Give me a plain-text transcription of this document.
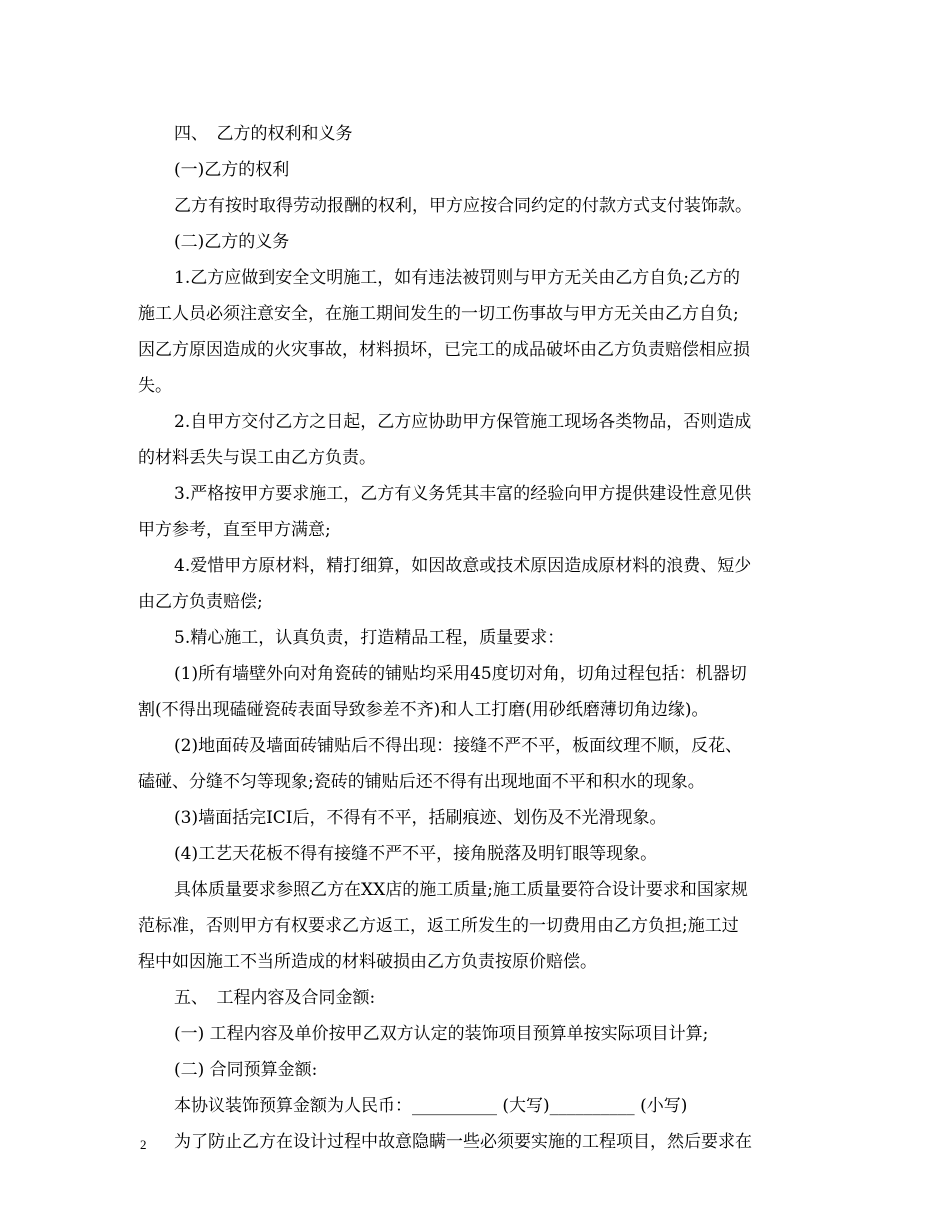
四、　乙方的权利和义务
(一)乙方的权利
乙方有按时取得劳动报酬的权利，甲方应按合同约定的付款方式支付装饰款。
(二)乙方的义务
1.乙方应做到安全文明施工，如有违法被罚则与甲方无关由乙方自负;乙方的
施工人员必须注意安全，在施工期间发生的一切工伤事故与甲方无关由乙方自负;
因乙方原因造成的火灾事故，材料损坏，已完工的成品破坏由乙方负责赔偿相应损
失。
2.自甲方交付乙方之日起，乙方应协助甲方保管施工现场各类物品，否则造成
的材料丢失与误工由乙方负责。
3.严格按甲方要求施工，乙方有义务凭其丰富的经验向甲方提供建设性意见供
甲方参考，直至甲方满意;
4.爱惜甲方原材料，精打细算，如因故意或技术原因造成原材料的浪费、短少
由乙方负责赔偿;
5.精心施工，认真负责，打造精品工程，质量要求：
(1)所有墙壁外向对角瓷砖的铺贴均采用45度切对角，切角过程包括：机器切
割(不得出现磕碰瓷砖表面导致参差不齐)和人工打磨(用砂纸磨薄切角边缘)。
(2)地面砖及墙面砖铺贴后不得出现：接缝不严不平，板面纹理不顺，反花、
磕碰、分缝不匀等现象;瓷砖的铺贴后还不得有出现地面不平和积水的现象。
(3)墙面括完ICI后，不得有不平，括刷痕迹、划伤及不光滑现象。
(4)工艺天花板不得有接缝不严不平，接角脱落及明钉眼等现象。
具体质量要求参照乙方在XX店的施工质量;施工质量要符合设计要求和国家规
范标准，否则甲方有权要求乙方返工，返工所发生的一切费用由乙方负担;施工过
程中如因施工不当所造成的材料破损由乙方负责按原价赔偿。
五、　工程内容及合同金额:
(一) 工程内容及单价按甲乙双方认定的装饰项目预算单按实际项目计算;
(二) 合同预算金额:
本协议装饰预算金额为人民币：__________ (大写)__________ (小写)
为了防止乙方在设计过程中故意隐瞒一些必须要实施的工程项目，然后要求在
2
